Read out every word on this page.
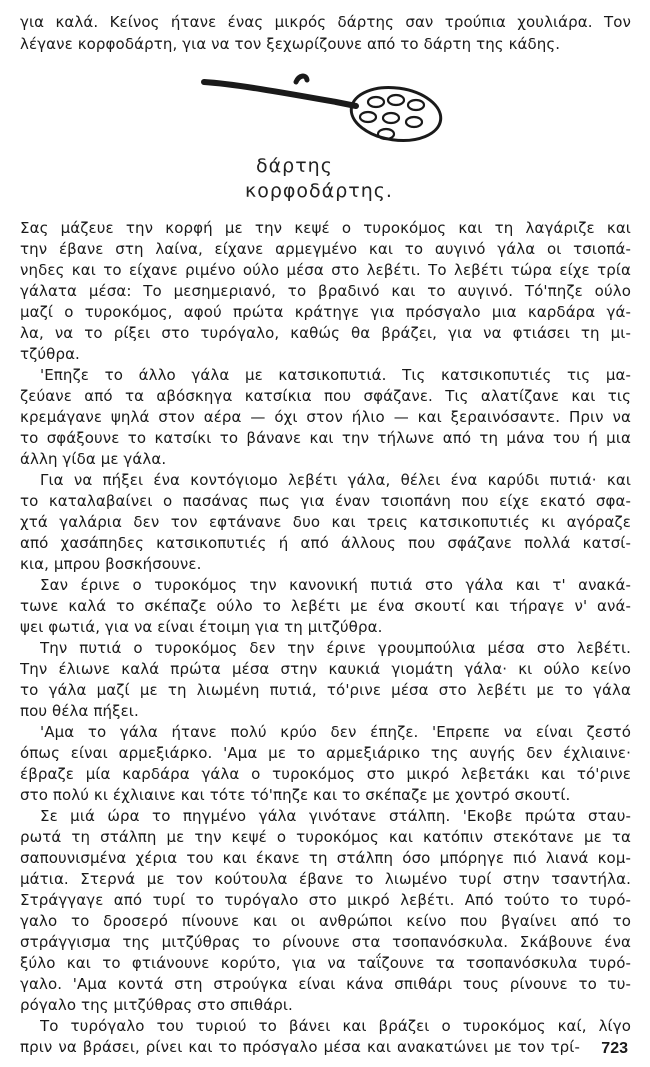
για καλά. Κείνος ήτανε ένας μικρός δάρτης σαν τρούπια χουλιάρα. Τον
λέγανε κορφοδάρτη, για να τον ξεχωρίζουνε από το δάρτη της κάδης.
δάρτης
κορφοδάρτης.
Σας μάζευε την κορφή με την κεψέ ο τυροκόμος και τη λαγάριζε και
την έβανε στη λαίνα, είχανε αρμεγμένο και το αυγινό γάλα οι τσιοπά-
νηδες και το είχανε ριμένο ούλο μέσα στο λεβέτι. Το λεβέτι τώρα είχε τρία
γάλατα μέσα: Το μεσημεριανό, το βραδινό και το αυγινό. Τό'πηζε ούλο
μαζί ο τυροκόμος, αφού πρώτα κράτηγε για πρόσγαλο μια καρδάρα γά-
λα, να το ρίξει στο τυρόγαλο, καθώς θα βράζει, για να φτιάσει τη μι-
τζύθρα.
'Επηζε το άλλο γάλα με κατσικοπυτιά. Τις κατσικοπυτιές τις μα-
ζεύανε από τα αβόσκηγα κατσίκια που σφάζανε. Τις αλατίζανε και τις
κρεμάγανε ψηλά στον αέρα — όχι στον ήλιο — και ξεραινόσαντε. Πριν να
το σφάξουνε το κατσίκι το βάνανε και την τήλωνε από τη μάνα του ή μια
άλλη γίδα με γάλα.
Για να πήξει ένα κοντόγιομο λεβέτι γάλα, θέλει ένα καρύδι πυτιά· και
το καταλαβαίνει ο πασάνας πως για έναν τσιοπάνη που είχε εκατό σφα-
χτά γαλάρια δεν τον εφτάνανε δυο και τρεις κατσικοπυτιές κι αγόραζε
από χασάπηδες κατσικοπυτιές ή από άλλους που σφάζανε πολλά κατσί-
κια, μπρου βοσκήσουνε.
Σαν έρινε ο τυροκόμος την κανονική πυτιά στο γάλα και τ' ανακά-
τωνε καλά το σκέπαζε ούλο το λεβέτι με ένα σκουτί και τήραγε ν' ανά-
ψει φωτιά, για να είναι έτοιμη για τη μιτζύθρα.
Την πυτιά ο τυροκόμος δεν την έρινε γρουμπούλια μέσα στο λεβέτι.
Την έλιωνε καλά πρώτα μέσα στην καυκιά γιομάτη γάλα· κι ούλο κείνο
το γάλα μαζί με τη λιωμένη πυτιά, τό'ρινε μέσα στο λεβέτι με το γάλα
που θέλα πήξει.
'Αμα το γάλα ήτανε πολύ κρύο δεν έπηζε. 'Επρεπε να είναι ζεστό
όπως είναι αρμεξιάρκο. 'Αμα με το αρμεξιάρικο της αυγής δεν έχλιαινε·
έβραζε μία καρδάρα γάλα ο τυροκόμος στο μικρό λεβετάκι και τό'ρινε
στο πολύ κι έχλιαινε και τότε τό'πηζε και το σκέπαζε με χοντρό σκουτί.
Σε μιά ώρα το πηγμένο γάλα γινότανε στάλπη. 'Εκοβε πρώτα σταυ-
ρωτά τη στάλπη με την κεψέ ο τυροκόμος και κατόπιν στεκότανε με τα
σαπουνισμένα χέρια του και έκανε τη στάλπη όσο μπόρηγε πιό λιανά κομ-
μάτια. Στερνά με τον κούτουλα έβανε το λιωμένο τυρί στην τσαντήλα.
Στράγγαγε από τυρί το τυρόγαλο στο μικρό λεβέτι. Από τούτο το τυρό-
γαλο το δροσερό πίνουνε και οι ανθρώποι κείνο που βγαίνει από το
στράγγισμα της μιτζύθρας το ρίνουνε στα τσοπανόσκυλα. Σκάβουνε ένα
ξύλο και το φτιάνουνε κορύτο, για να ταΐζουνε τα τσοπανόσκυλα τυρό-
γαλο. 'Αμα κοντά στη στρούγκα είναι κάνα σπιθάρι τους ρίνουνε το τυ-
ρόγαλο της μιτζύθρας στο σπιθάρι.
Το τυρόγαλο του τυριού το βάνει και βράζει ο τυροκόμος καί, λίγο
πριν να βράσει, ρίνει και το πρόσγαλο μέσα και ανακατώνει με τον τρί- 723
